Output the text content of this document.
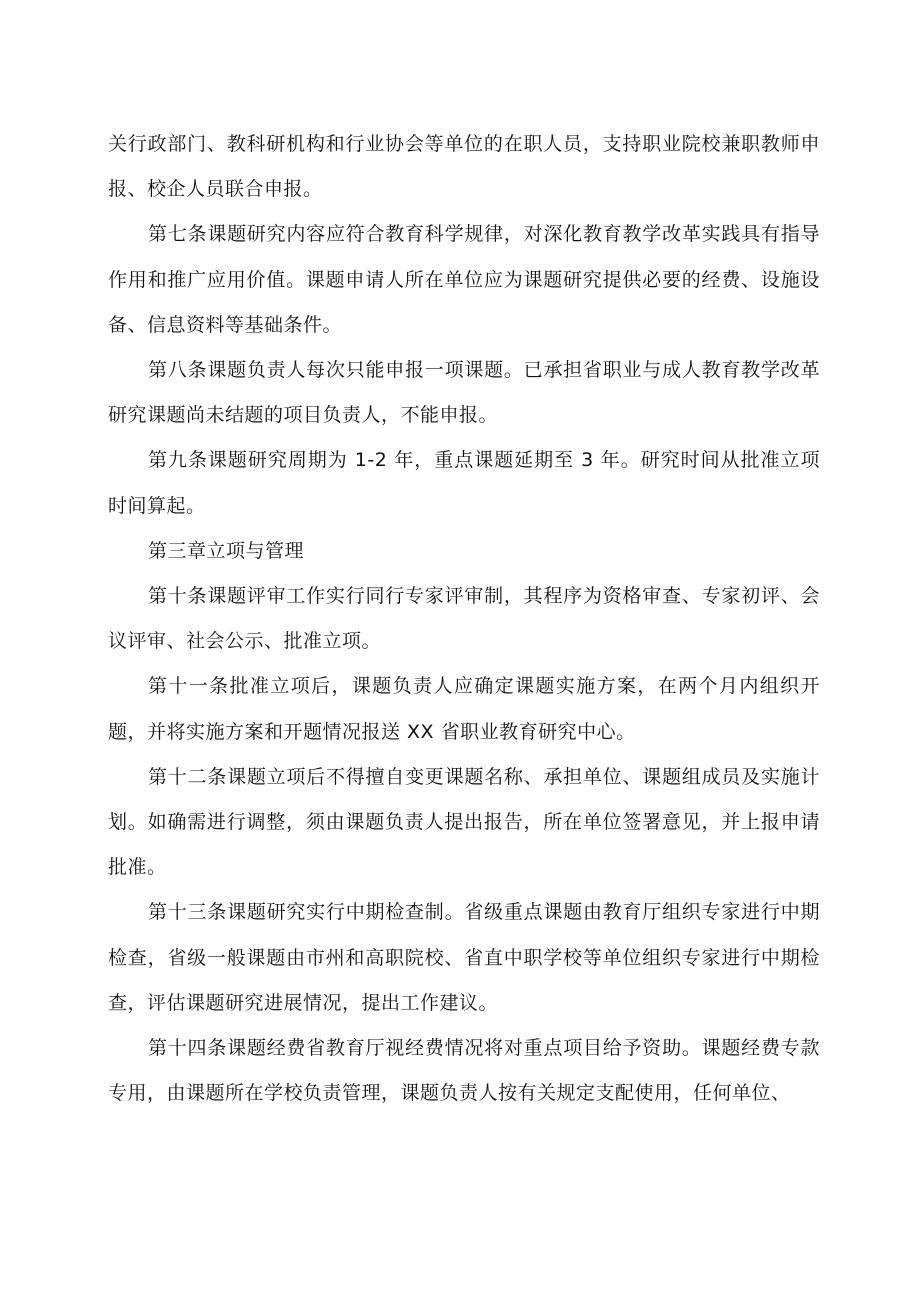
关行政部门、教科研机构和行业协会等单位的在职人员，支持职业院校兼职教师申报、校企人员联合申报。

第七条课题研究内容应符合教育科学规律，对深化教育教学改革实践具有指导作用和推广应用价值。课题申请人所在单位应为课题研究提供必要的经费、设施设备、信息资料等基础条件。

第八条课题负责人每次只能申报一项课题。已承担省职业与成人教育教学改革研究课题尚未结题的项目负责人，不能申报。

第九条课题研究周期为 1-2 年，重点课题延期至 3 年。研究时间从批准立项时间算起。

第三章立项与管理

第十条课题评审工作实行同行专家评审制，其程序为资格审查、专家初评、会议评审、社会公示、批准立项。

第十一条批准立项后，课题负责人应确定课题实施方案，在两个月内组织开题，并将实施方案和开题情况报送 XX 省职业教育研究中心。

第十二条课题立项后不得擅自变更课题名称、承担单位、课题组成员及实施计划。如确需进行调整，须由课题负责人提出报告，所在单位签署意见，并上报申请批准。

第十三条课题研究实行中期检查制。省级重点课题由教育厅组织专家进行中期检查，省级一般课题由市州和高职院校、省直中职学校等单位组织专家进行中期检查，评估课题研究进展情况，提出工作建议。

第十四条课题经费省教育厅视经费情况将对重点项目给予资助。课题经费专款专用，由课题所在学校负责管理，课题负责人按有关规定支配使用，任何单位、
